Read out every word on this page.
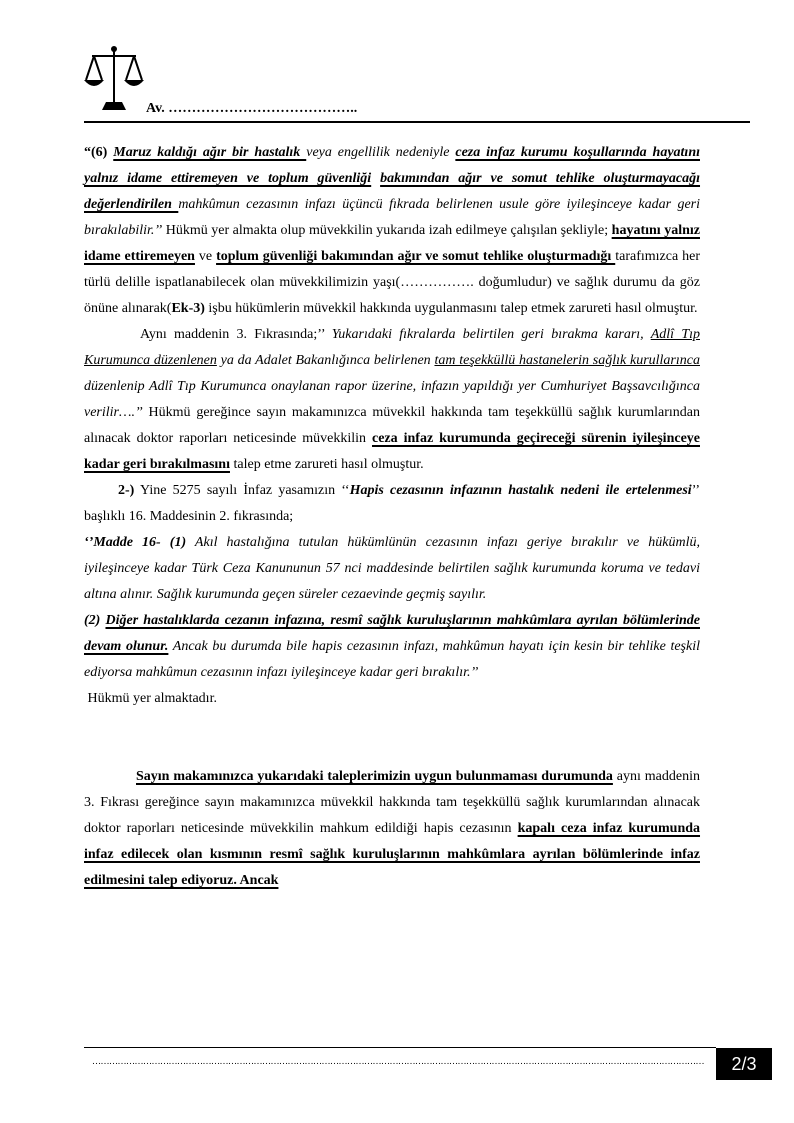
Av. …………………………………..

“(6) Maruz kaldığı ağır bir hastalık veya engellilik nedeniyle ceza infaz kurumu koşullarında hayatını yalnız idame ettiremeyen ve toplum güvenliği bakımından ağır ve somut tehlike oluşturmayacağı değerlendirilen mahkûmun cezasının infazı üçüncü fıkrada belirlenen usule göre iyileşinceye kadar geri bırakılabilir.’’ Hükmü yer almakta olup müvekkilin yukarıda izah edilmeye çalışılan şekliyle; hayatını yalnız idame ettiremeyen ve toplum güvenliği bakımından ağır ve somut tehlike oluşturmadığı tarafımızca her türlü delille ispatlanabilecek olan müvekkilimizin yaşı(……………. doğumludur) ve sağlık durumu da göz önüne alınarak(Ek-3) işbu hükümlerin müvekkil hakkında uygulanmasını talep etmek zarureti hasıl olmuştur.

Aynı maddenin 3. Fıkrasında;’’ Yukarıdaki fıkralarda belirtilen geri bırakma kararı, Adlî Tıp Kurumunca düzenlenen ya da Adalet Bakanlığınca belirlenen tam teşekküllü hastanelerin sağlık kurullarınca düzenlenip Adlî Tıp Kurumunca onaylanan rapor üzerine, infazın yapıldığı yer Cumhuriyet Başsavcılığınca verilir….’’ Hükmü gereğince sayın makamınızca müvekkil hakkında tam teşekküllü sağlık kurumlarından alınacak doktor raporları neticesinde müvekkilin ceza infaz kurumunda geçireceği sürenin iyileşinceye kadar geri bırakılmasını talep etme zarureti hasıl olmuştur.

2-) Yine 5275 sayılı İnfaz yasamızın ‘‘Hapis cezasının infazının hastalık nedeni ile ertelenmesi’’ başlıklı 16. Maddesinin 2. fıkrasında;

‘’Madde 16- (1) Akıl hastalığına tutulan hükümlünün cezasının infazı geriye bırakılır ve hükümlü, iyileşinceye kadar Türk Ceza Kanununun 57 nci maddesinde belirtilen sağlık kurumunda koruma ve tedavi altına alınır. Sağlık kurumunda geçen süreler cezaevinde geçmiş sayılır.

(2) Diğer hastalıklarda cezanın infazına, resmî sağlık kuruluşlarının mahkûmlara ayrılan bölümlerinde devam olunur. Ancak bu durumda bile hapis cezasının infazı, mahkûmun hayatı için kesin bir tehlike teşkil ediyorsa mahkûmun cezasının infazı iyileşinceye kadar geri bırakılır.’’

Hükmü yer almaktadır.

Sayın makamınızca yukarıdaki taleplerimizin uygun bulunmaması durumunda aynı maddenin 3. Fıkrası gereğince sayın makamınızca müvekkil hakkında tam teşekküllü sağlık kurumlarından alınacak doktor raporları neticesinde müvekkilin mahkum edildiği hapis cezasının kapalı ceza infaz kurumunda infaz edilecek olan kısmının resmî sağlık kuruluşlarının mahkûmlara ayrılan bölümlerinde infaz edilmesini talep ediyoruz. Ancak

………………………………………………………………………………………………………………………………………………………………………………………………	2/3
